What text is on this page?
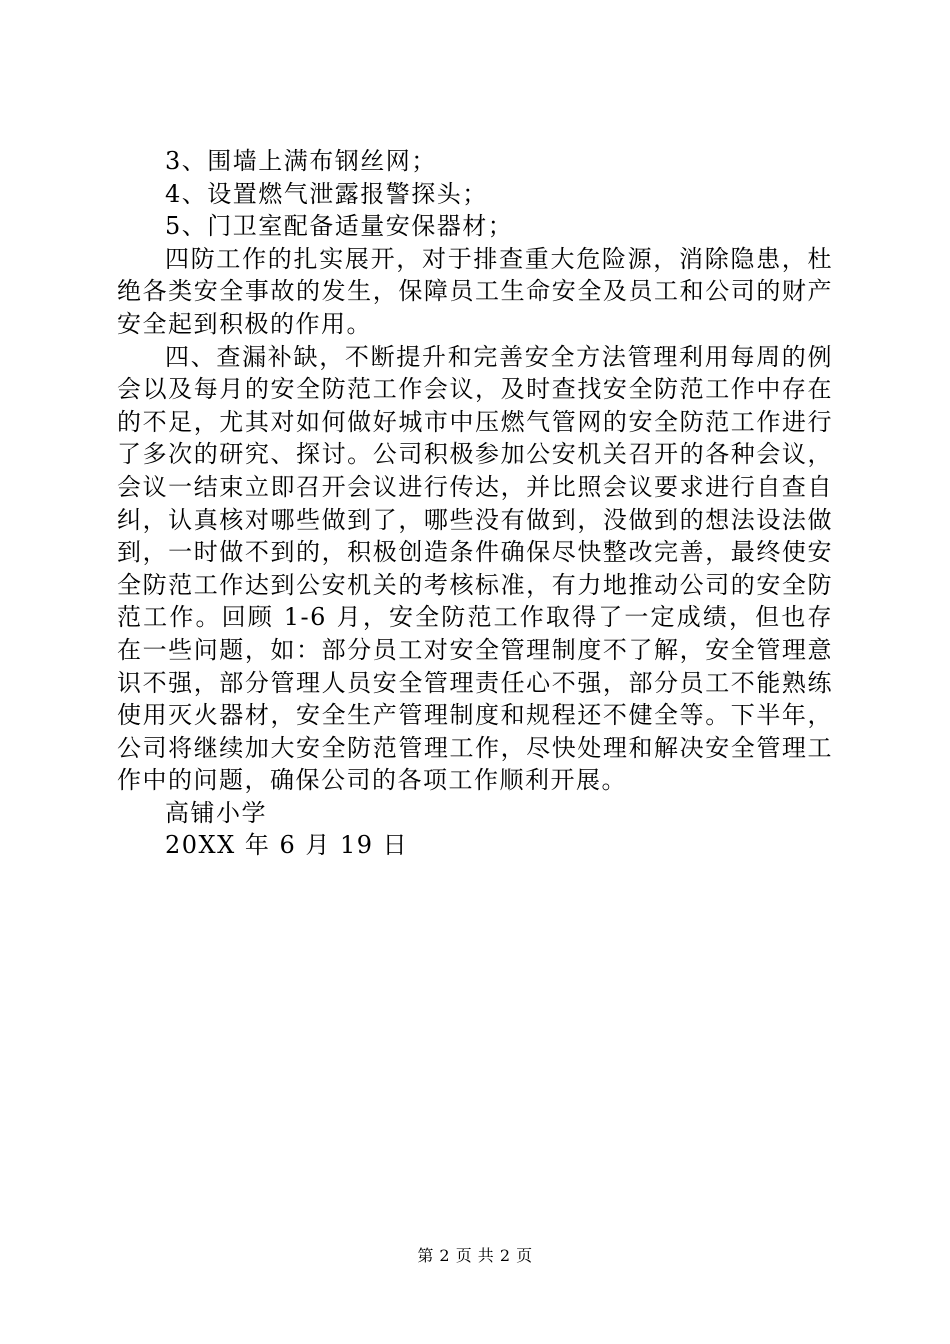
3、围墙上满布钢丝网；

4、设置燃气泄露报警探头；

5、门卫室配备适量安保器材；

四防工作的扎实展开，对于排查重大危险源，消除隐患，杜绝各类安全事故的发生，保障员工生命安全及员工和公司的财产安全起到积极的作用。

四、查漏补缺，不断提升和完善安全方法管理利用每周的例会以及每月的安全防范工作会议，及时查找安全防范工作中存在的不足，尤其对如何做好城市中压燃气管网的安全防范工作进行了多次的研究、探讨。公司积极参加公安机关召开的各种会议，会议一结束立即召开会议进行传达，并比照会议要求进行自查自纠，认真核对哪些做到了，哪些没有做到，没做到的想法设法做到，一时做不到的，积极创造条件确保尽快整改完善，最终使安全防范工作达到公安机关的考核标准，有力地推动公司的安全防范工作。回顾 1-6 月，安全防范工作取得了一定成绩，但也存在一些问题，如：部分员工对安全管理制度不了解，安全管理意识不强，部分管理人员安全管理责任心不强，部分员工不能熟练使用灭火器材，安全生产管理制度和规程还不健全等。下半年，公司将继续加大安全防范管理工作，尽快处理和解决安全管理工作中的问题，确保公司的各项工作顺利开展。

高铺小学

20XX 年 6 月 19 日

第 2 页 共 2 页
